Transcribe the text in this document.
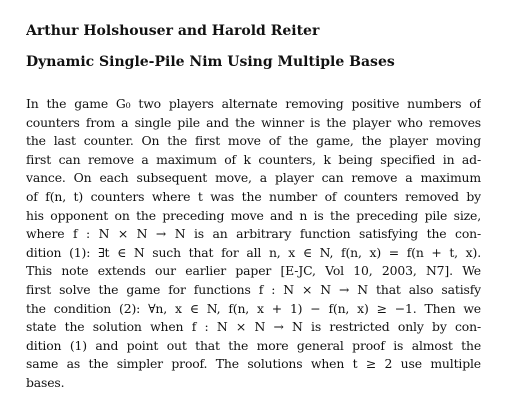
Arthur Holshouser and Harold Reiter
Dynamic Single-Pile Nim Using Multiple Bases
In the game G₀ two players alternate removing positive numbers of
counters from a single pile and the winner is the player who removes
the last counter. On the first move of the game, the player moving
first can remove a maximum of k counters, k being specified in ad-
vance. On each subsequent move, a player can remove a maximum
of f(n, t) counters where t was the number of counters removed by
his opponent on the preceding move and n is the preceding pile size,
where f : N × N → N is an arbitrary function satisfying the con-
dition (1): ∃t ∈ N such that for all n, x ∈ N, f(n, x) = f(n + t, x).
This note extends our earlier paper [E-JC, Vol 10, 2003, N7]. We
first solve the game for functions f : N × N → N that also satisfy
the condition (2): ∀n, x ∈ N, f(n, x + 1) − f(n, x) ≥ −1. Then we
state the solution when f : N × N → N is restricted only by con-
dition (1) and point out that the more general proof is almost the
same as the simpler proof. The solutions when t ≥ 2 use multiple
bases.
